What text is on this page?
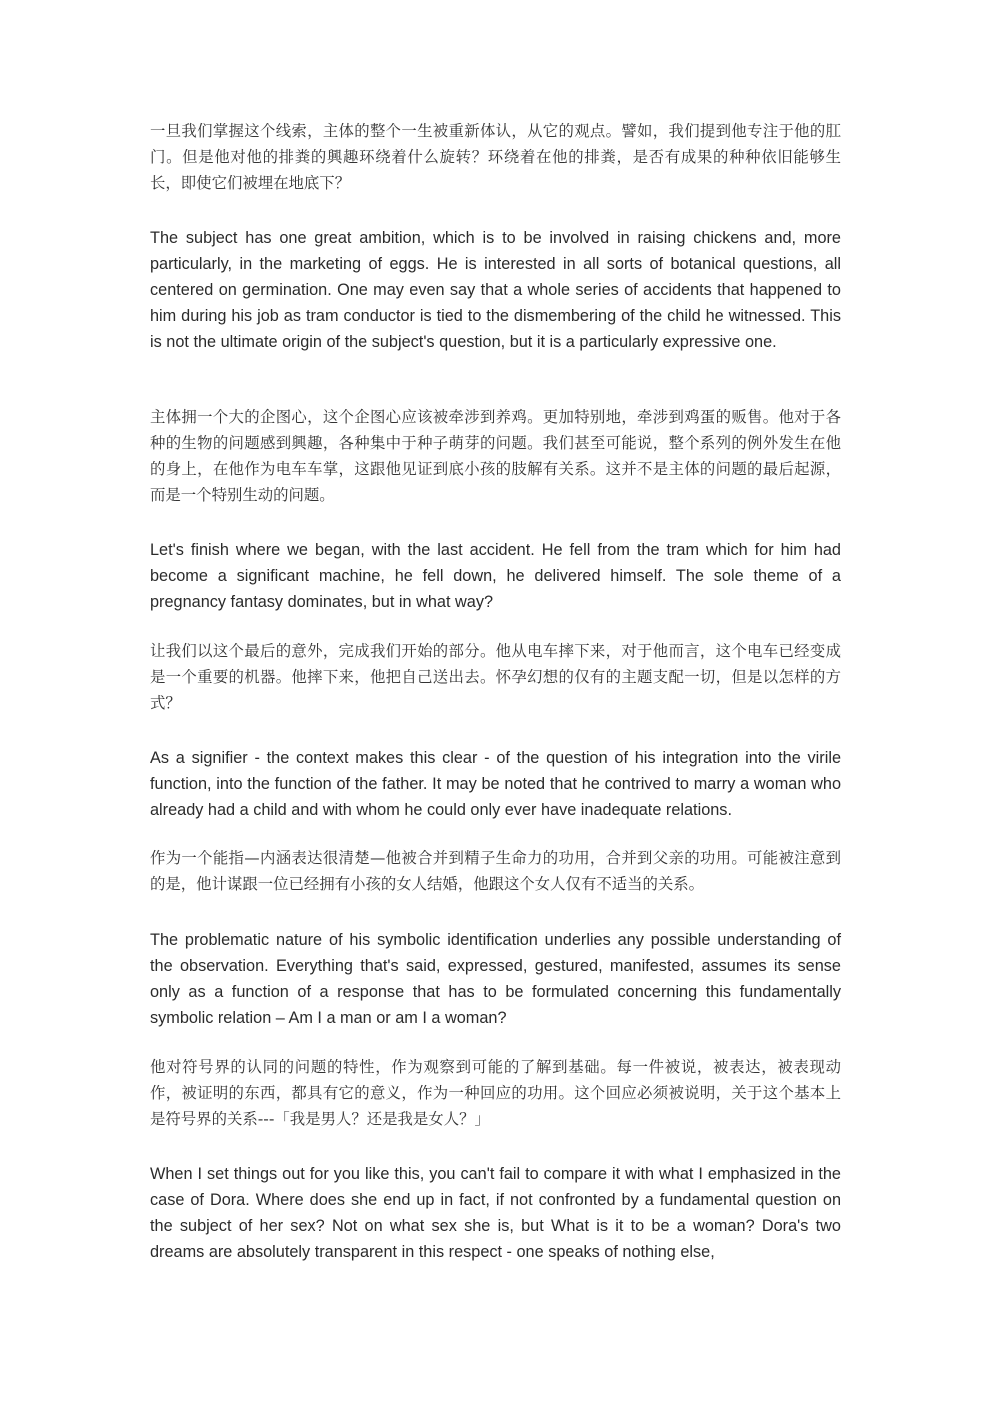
一旦我们掌握这个线索，主体的整个一生被重新体认，从它的观点。譬如，我们提到他专注于他的肛门。但是他对他的排粪的興趣环绕着什么旋转？环绕着在他的排粪，是否有成果的种种依旧能够生长，即使它们被埋在地底下？

The subject has one great ambition, which is to be involved in raising chickens and, more particularly, in the marketing of eggs. He is interested in all sorts of botanical questions, all centered on germination. One may even say that a whole series of accidents that happened to him during his job as tram conductor is tied to the dismembering of the child he witnessed. This is not the ultimate origin of the subject's question, but it is a particularly expressive one.

主体拥一个大的企图心，这个企图心应该被牵涉到养鸡。更加特别地，牵涉到鸡蛋的贩售。他对于各种的生物的问题感到興趣，各种集中于种子萌芽的问题。我们甚至可能说，整个系列的例外发生在他的身上，在他作为电车车掌，这跟他见证到底小孩的肢解有关系。这并不是主体的问题的最后起源，而是一个特别生动的问题。

Let's finish where we began, with the last accident. He fell from the tram which for him had become a significant machine, he fell down, he delivered himself. The sole theme of a pregnancy fantasy dominates, but in what way?

让我们以这个最后的意外，完成我们开始的部分。他从电车摔下来，对于他而言，这个电车已经变成是一个重要的机器。他摔下来，他把自己送出去。怀孕幻想的仅有的主题支配一切，但是以怎样的方式？

As a signifier - the context makes this clear - of the question of his integration into the virile function, into the function of the father. It may be noted that he contrived to marry a woman who already had a child and with whom he could only ever have inadequate relations.

作为一个能指—内涵表达很清楚—他被合并到精子生命力的功用，合并到父亲的功用。可能被注意到的是，他计谋跟一位已经拥有小孩的女人结婚，他跟这个女人仅有不适当的关系。

The problematic nature of his symbolic identification underlies any possible understanding of the observation. Everything that's said, expressed, gestured, manifested, assumes its sense only as a function of a response that has to be formulated concerning this fundamentally symbolic relation – Am I a man or am I a woman?

他对符号界的认同的问题的特性，作为观察到可能的了解到基础。每一件被说，被表达，被表现动作，被证明的东西，都具有它的意义，作为一种回应的功用。这个回应必须被说明，关于这个基本上是符号界的关系---「我是男人？还是我是女人？」

When I set things out for you like this, you can't fail to compare it with what I emphasized in the case of Dora. Where does she end up in fact, if not confronted by a fundamental question on the subject of her sex? Not on what sex she is, but What is it to be a woman? Dora's two dreams are absolutely transparent in this respect - one speaks of nothing else,
